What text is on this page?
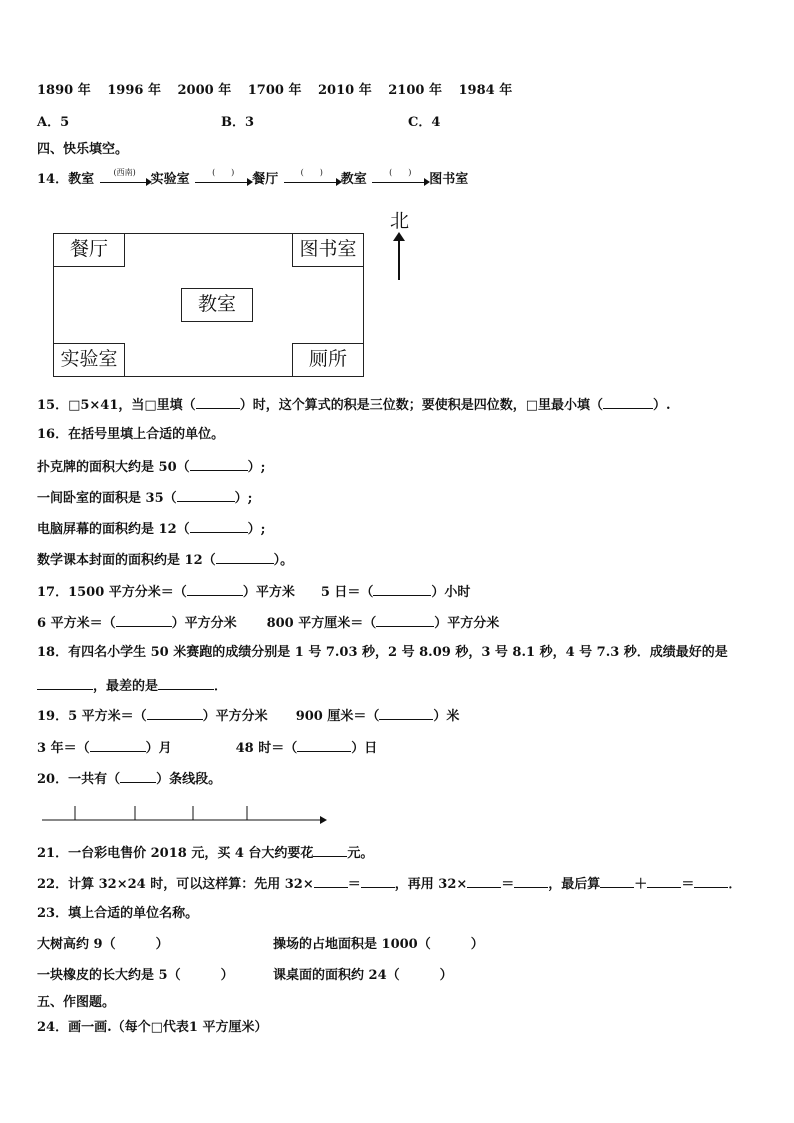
1890 年 1996 年 2000 年 1700 年 2010 年 2100 年 1984 年
A．5	B．3	C．4
四、快乐填空。
14．教室	(西南)	实验室	(　　)	餐厅	(　　)	教室	(　　)	图书室
餐厅	图书室
教室
实验室	厕所
北
15．□5×41，当□里填（	）时，这个算式的积是三位数；要使积是四位数，□里最小填（	）.
16．在括号里填上合适的单位。
扑克牌的面积大约是 50（	）;
一间卧室的面积是 35（	）;
电脑屏幕的面积约是 12（	）;
数学课本封面的面积约是 12（	）。
17．1500 平方分米＝（	）平方米 5 日＝（	）小时
6 平方米＝（	）平方分米 800 平方厘米＝（	）平方分米
18．有四名小学生 50 米赛跑的成绩分别是 1 号 7.03 秒，2 号 8.09 秒，3 号 8.1 秒，4 号 7.3 秒．成绩最好的是
，最差的是	．
19．5 平方米＝（	）平方分米 900 厘米＝（	）米
3 年＝（	）月	48 时＝（	）日
20．一共有（	）条线段。
21．一台彩电售价 2018 元，买 4 台大约要花	元。
22．计算 32×24 时，可以这样算：先用 32×	＝	，再用 32×	＝	，最后算	＋	＝	．
23．填上合适的单位名称。
大树高约 9（	）	操场的占地面积是 1000（	）
一块橡皮的长大约是 5（	）	课桌面的面积约 24（	）
五、作图题。
24．画一画.（每个□代表1 平方厘米）
